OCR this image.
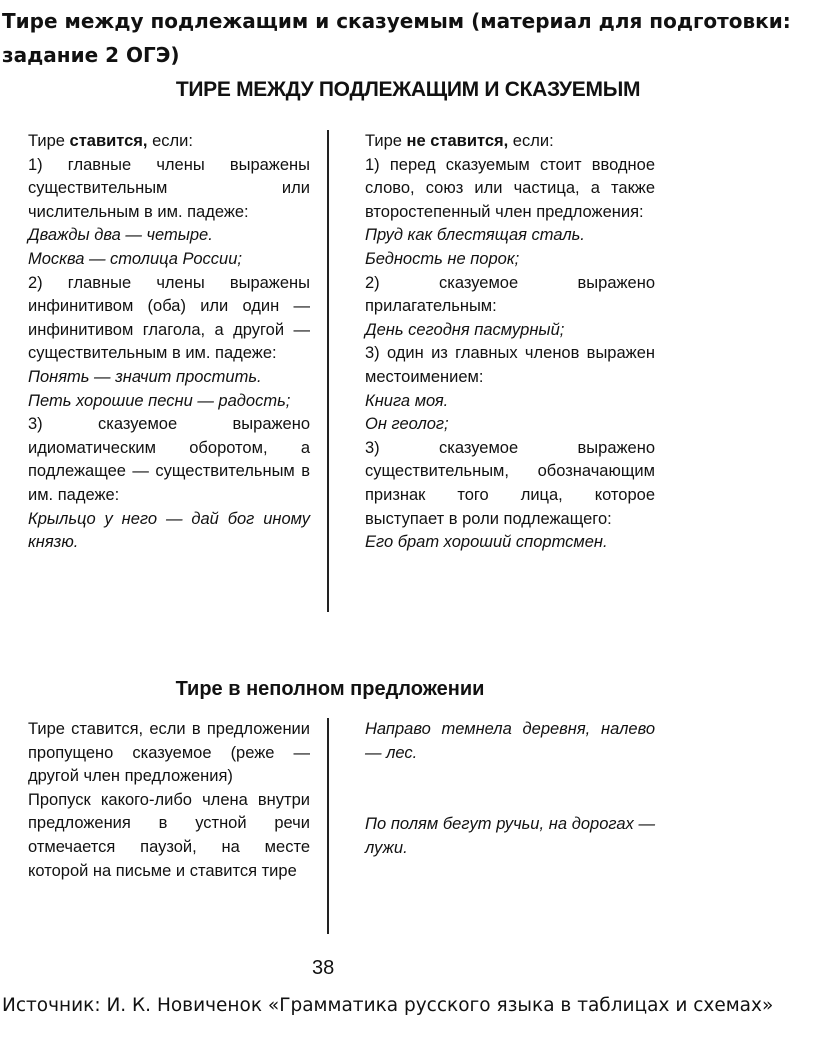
Тире между подлежащим и сказуемым (материал для подготовки:
задание 2 ОГЭ)
ТИРЕ МЕЖДУ ПОДЛЕЖАЩИМ И СКАЗУЕМЫМ

Тире ставится, если:

1) главные члены выражены существительным или числительным в им. падеже:

Дважды два — четыре.

Москва — столица России;

2) главные члены выражены инфинитивом (оба) или один — инфинитивом глагола, а другой — существительным в им. падеже:

Понять — значит простить.

Петь хорошие песни — радость;

3) сказуемое выражено идиоматическим оборотом, а подлежащее — существительным в им. падеже:

Крыльцо у него — дай бог иному князю.

Тире не ставится, если:

1) перед сказуемым стоит вводное слово, союз или частица, а также второстепенный член предложения:

Пруд как блестящая сталь.

Бедность не порок;

2) сказуемое выражено прилагательным:

День сегодня пасмурный;

3) один из главных членов выражен местоимением:

Книга моя.

Он геолог;

3) сказуемое выражено существительным, обозначающим признак того лица, которое выступает в роли подлежащего:

Его брат хороший спортсмен.

Тире в неполном предложении

Тире ставится, если в предложении пропущено сказуемое (реже — другой член предложения)

Пропуск какого-либо члена внутри предложения в устной речи отмечается паузой, на месте которой на письме и ставится тире

Направо темнела деревня, налево — лес.

По полям бегут ручьи, на дорогах — лужи.

38
Источник: И. К. Новиченок «Грамматика русского языка в таблицах и схемах»
